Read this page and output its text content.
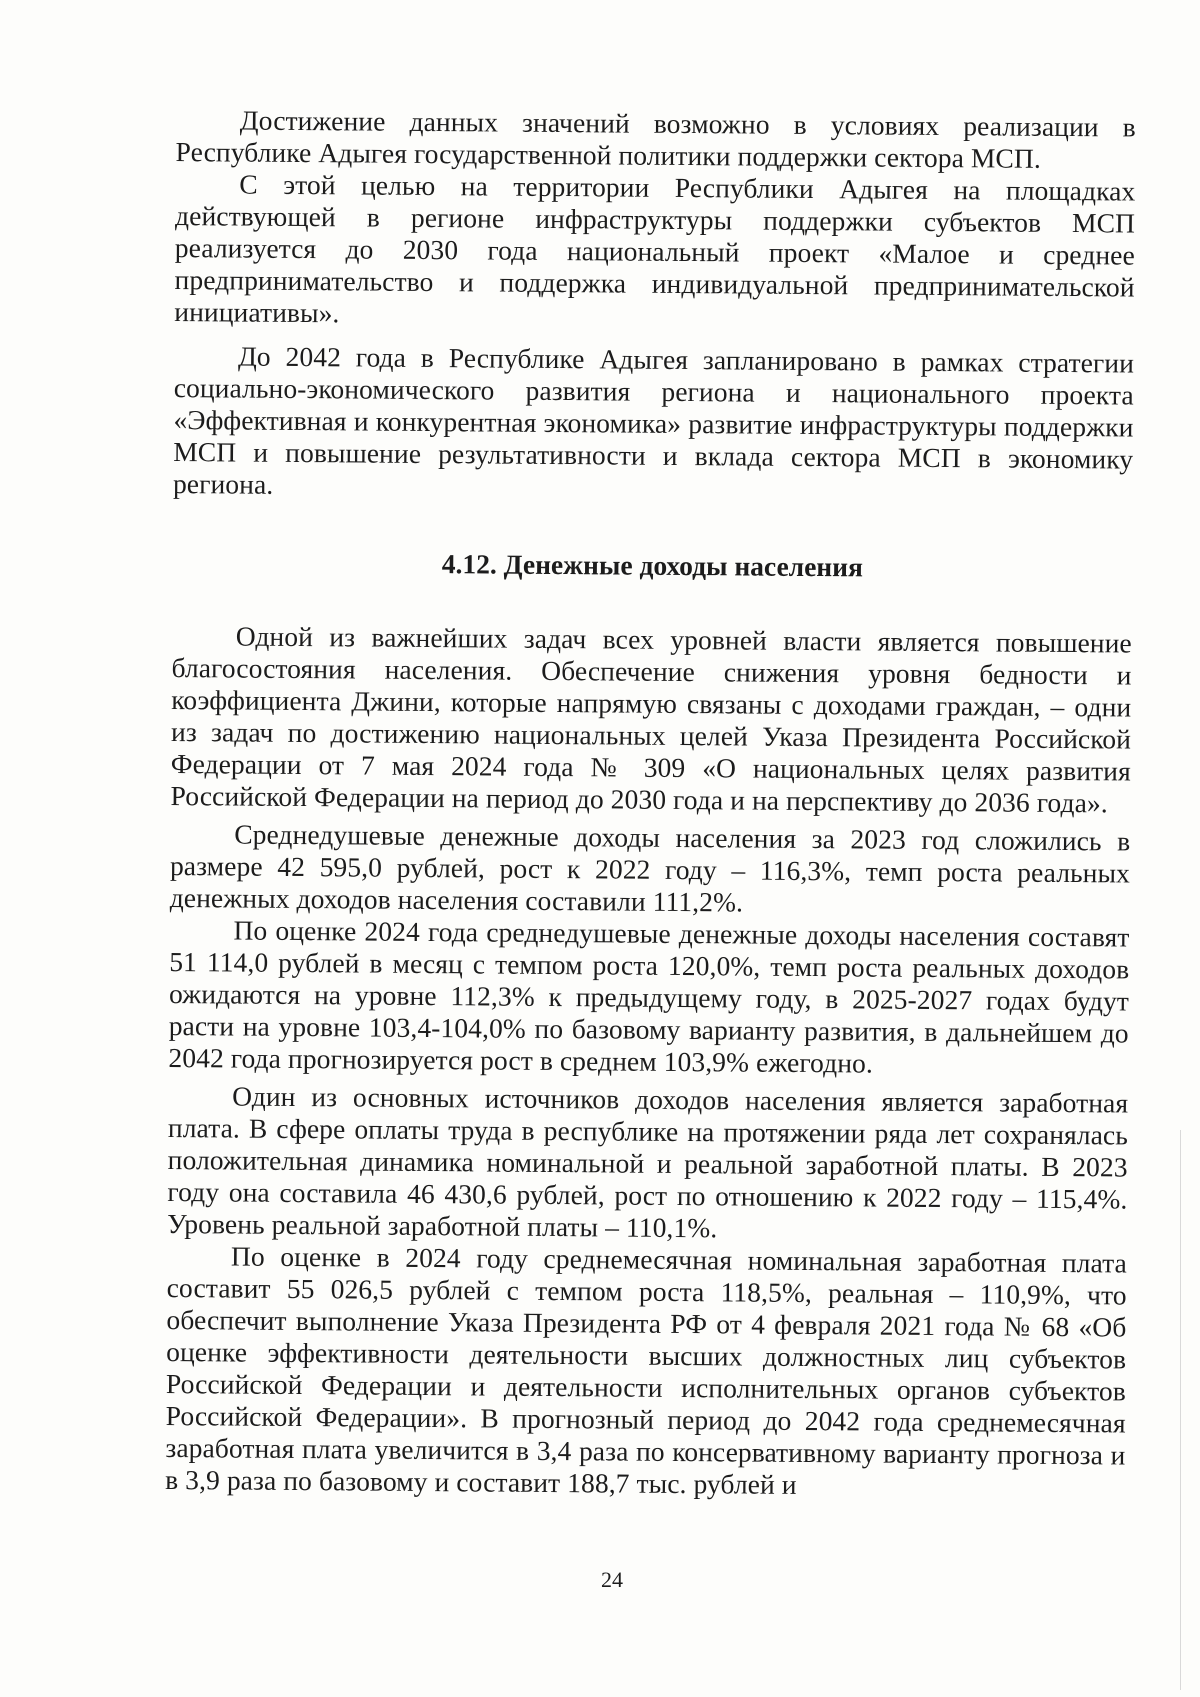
Достижение данных значений возможно в условиях реализации в Республике Адыгея государственной политики поддержки сектора МСП.

С этой целью на территории Республики Адыгея на площадках действующей в регионе инфраструктуры поддержки субъектов МСП реализуется до 2030 года национальный проект «Малое и среднее предпринимательство и поддержка индивидуальной предпринимательской инициативы».

До 2042 года в Республике Адыгея запланировано в рамках стратегии социально-экономического развития региона и национального проекта «Эффективная и конкурентная экономика» развитие инфраструктуры поддержки МСП и повышение результативности и вклада сектора МСП в экономику региона.

4.12. Денежные доходы населения

Одной из важнейших задач всех уровней власти является повышение благосостояния населения. Обеспечение снижения уровня бедности и коэффициента Джини, которые напрямую связаны с доходами граждан, – одни из задач по достижению национальных целей Указа Президента Российской Федерации от 7 мая 2024 года № 309 «О национальных целях развития Российской Федерации на период до 2030 года и на перспективу до 2036 года».

Среднедушевые денежные доходы населения за 2023 год сложились в размере 42 595,0 рублей, рост к 2022 году – 116,3%, темп роста реальных денежных доходов населения составили 111,2%.

По оценке 2024 года среднедушевые денежные доходы населения составят 51 114,0 рублей в месяц с темпом роста 120,0%, темп роста реальных доходов ожидаются на уровне 112,3% к предыдущему году, в 2025-2027 годах будут расти на уровне 103,4-104,0% по базовому варианту развития, в дальнейшем до 2042 года прогнозируется рост в среднем 103,9% ежегодно.

Один из основных источников доходов населения является заработная плата. В сфере оплаты труда в республике на протяжении ряда лет сохранялась положительная динамика номинальной и реальной заработной платы. В 2023 году она составила 46 430,6 рублей, рост по отношению к 2022 году – 115,4%. Уровень реальной заработной платы – 110,1%.

По оценке в 2024 году среднемесячная номинальная заработная плата составит 55 026,5 рублей с темпом роста 118,5%, реальная – 110,9%, что обеспечит выполнение Указа Президента РФ от 4 февраля 2021 года № 68 «Об оценке эффективности деятельности высших должностных лиц субъектов Российской Федерации и деятельности исполнительных органов субъектов Российской Федерации». В прогнозный период до 2042 года среднемесячная заработная плата увеличится в 3,4 раза по консервативному варианту прогноза и в 3,9 раза по базовому и составит 188,7 тыс. рублей и

24
